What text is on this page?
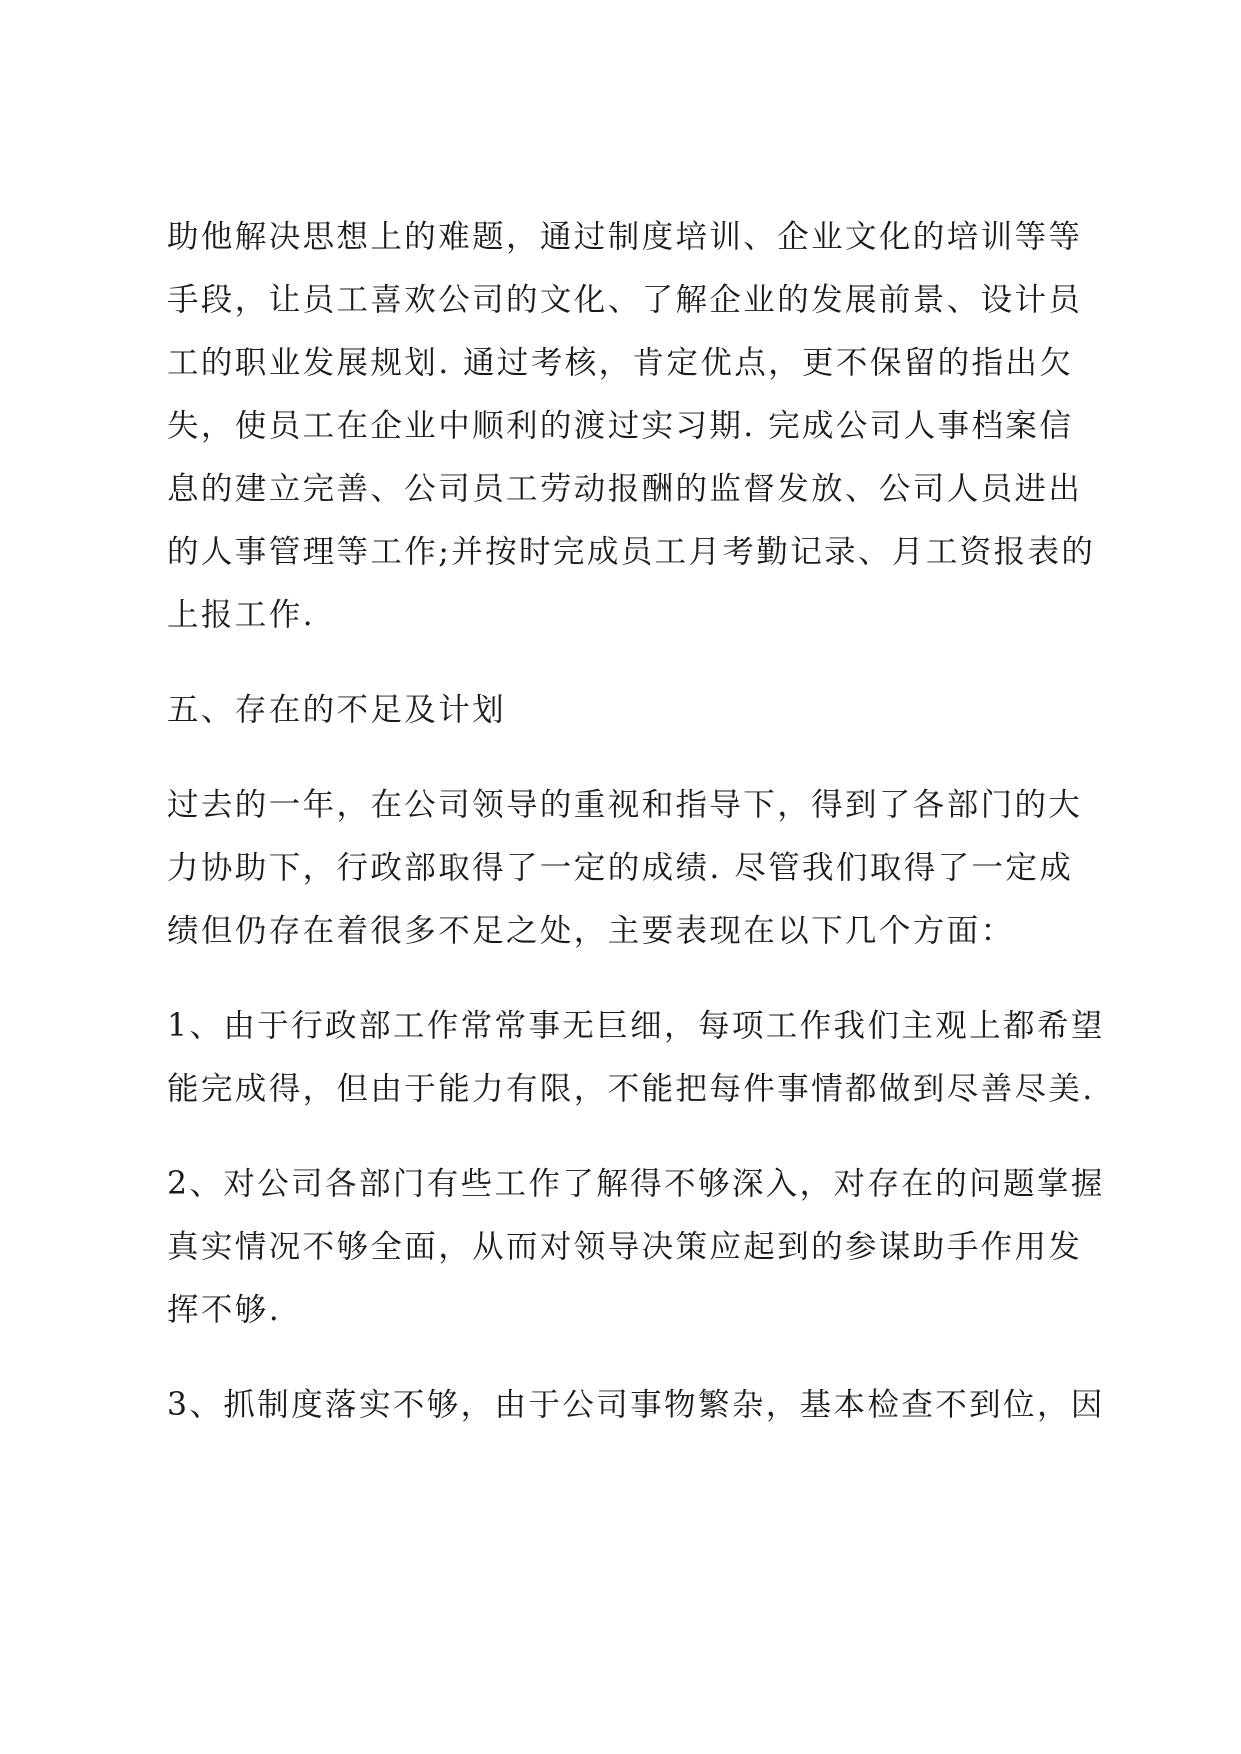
助他解决思想上的难题，通过制度培训、企业文化的培训等等
手段，让员工喜欢公司的文化、了解企业的发展前景、设计员
工的职业发展规划. 通过考核，肯定优点，更不保留的指出欠
失，使员工在企业中顺利的渡过实习期. 完成公司人事档案信
息的建立完善、公司员工劳动报酬的监督发放、公司人员进出
的人事管理等工作;并按时完成员工月考勤记录、月工资报表的
上报工作.
五、存在的不足及计划
过去的一年，在公司领导的重视和指导下，得到了各部门的大
力协助下，行政部取得了一定的成绩. 尽管我们取得了一定成
绩但仍存在着很多不足之处，主要表现在以下几个方面：
1、由于行政部工作常常事无巨细，每项工作我们主观上都希望
能完成得，但由于能力有限，不能把每件事情都做到尽善尽美.
2、对公司各部门有些工作了解得不够深入，对存在的问题掌握
真实情况不够全面，从而对领导决策应起到的参谋助手作用发
挥不够.
3、抓制度落实不够，由于公司事物繁杂，基本检查不到位，因
